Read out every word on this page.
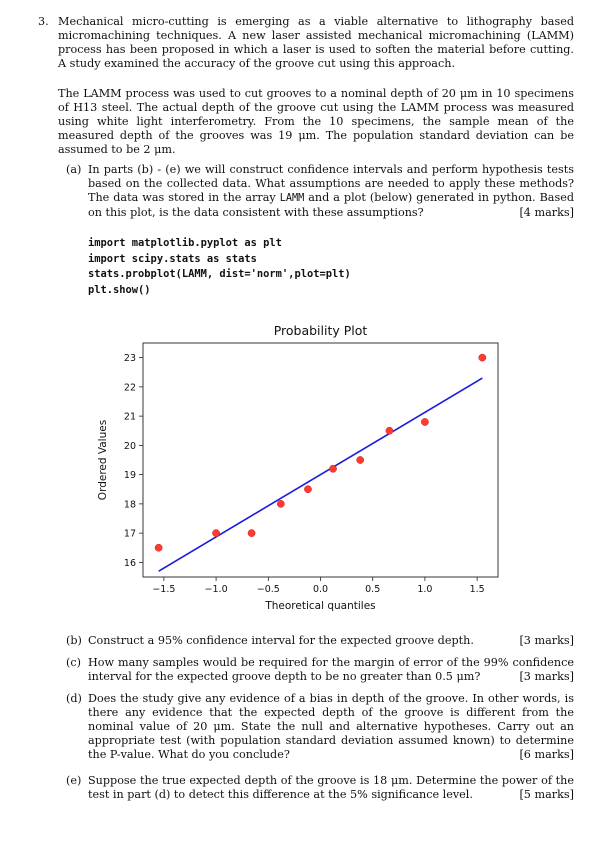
3. Mechanical micro-cutting is emerging as a viable alternative to lithography based micromachining techniques. A new laser assisted mechanical micromachining (LAMM) process has been proposed in which a laser is used to soften the material before cutting. A study examined the accuracy of the groove cut using this approach.
The LAMM process was used to cut grooves to a nominal depth of 20 μm in 10 specimens of H13 steel. The actual depth of the groove cut using the LAMM process was measured using white light interferometry. From the 10 specimens, the sample mean of the measured depth of the grooves was 19 μm. The population standard deviation can be assumed to be 2 μm.
(a) In parts (b) - (e) we will construct confidence intervals and perform hypothesis tests based on the collected data. What assumptions are needed to apply these methods? The data was stored in the array LAMM and a plot (below) generated in python. Based on this plot, is the data consistent with these assumptions?	[4 marks]
import matplotlib.pyplot as plt
import scipy.stats as stats
stats.probplot(LAMM, dist='norm',plot=plt)
plt.show()
Probability Plot
−1.5	−1.0	−0.5	0.0	0.5	1.0	1.5
16
17
18
19
20
21
22
23
Theoretical quantiles
Ordered Values
(b) Construct a 95% confidence interval for the expected groove depth.	[3 marks]
(c) How many samples would be required for the margin of error of the 99% confidence interval for the expected groove depth to be no greater than 0.5 μm?	[3 marks]
(d) Does the study give any evidence of a bias in depth of the groove. In other words, is there any evidence that the expected depth of the groove is different from the nominal value of 20 μm. State the null and alternative hypotheses. Carry out an appropriate test (with population standard deviation assumed known) to determine the P-value. What do you conclude?	[6 marks]
(e) Suppose the true expected depth of the groove is 18 μm. Determine the power of the test in part (d) to detect this difference at the 5% significance level.	[5 marks]
